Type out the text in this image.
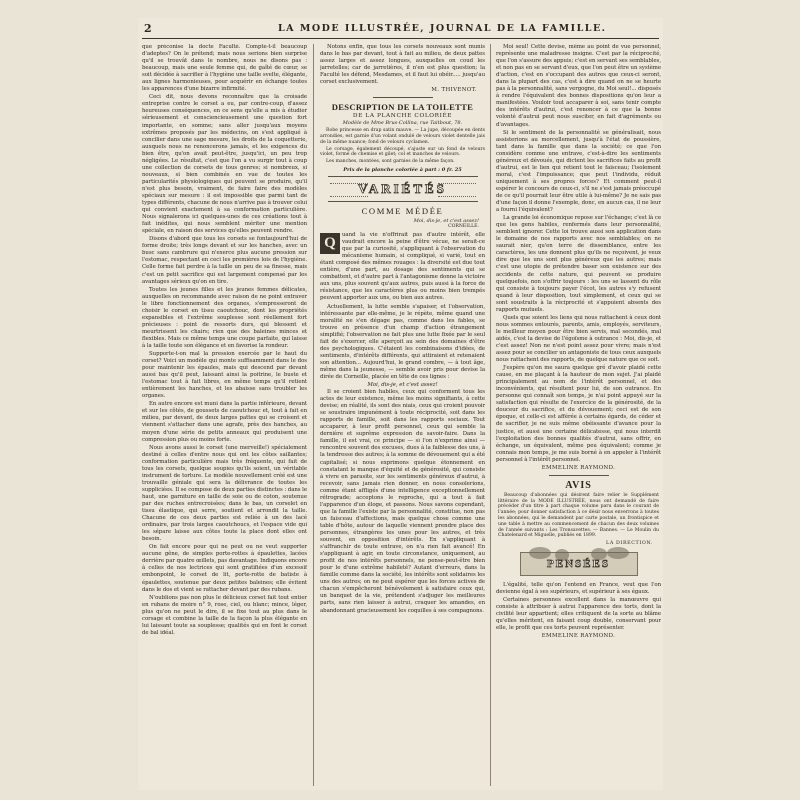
2	LA MODE ILLUSTRÉE, JOURNAL DE LA FAMILLE.

que préconise la docte Faculté. Compte-t-il beaucoup d'adeptes? On le prétend; mais nous serions bien surprise qu'il se trouvât dans le nombre, nous ne disons pas : beaucoup, mais une seule femme qui, de gaîté de cœur, se soit décidée à sacrifier à l'hygiène une taille svelte, élégante, aux lignes harmonieuses, pour acquérir en échange toutes les apparences d'une bizarre infirmité.

Ceci dit, nous devons reconnaître que la croisade entreprise contre le corset a eu, par contre-coup, d'assez heureuses conséquences, en ce sens qu'elle a mis à étudier sérieusement et consciencieusement une question fort importante, en somme; sans aller jusqu'aux moyens extrêmes proposés par les médecins, on s'est appliqué à concilier dans une sage mesure, les droits de la coquetterie, auxquels nous ne renoncerons jamais, et les exigences du bien être, qu'on avait peut-être, jusqu'ici, un peu trop négligées. Le résultat, c'est que l'on a vu surgir tout à coup une collection de corsets de tous genres; si nombreux, si nouveaux, si bien combinés en vue de toutes les particularités physiologiques qui peuvent se produire, qu'il n'est plus besoin, vraiment, de faire faire des modèles spéciaux sur mesure : il est impossible que parmi tant de types différents, chacune de nous n'arrive pas à trouver celui qui convient exactement à sa conformation particulière. Nous signalerons ici quelques-unes de ces créations tout à fait inédites, qui nous semblent mériter une mention spéciale, en raison des services qu'elles peuvent rendre.

Disons d'abord que tous les corsets se fontaujourd'hui de forme droite; très longs devant et sur les hanches, avec un busc sans cambrure qui n'exerce plus aucune pression sur l'estomac, respectant en ceci les premières lois de l'hygiène. Celle forme fait perdre à la taille un peu de sa finesse, mais c'est un petit sacrifice qui est largement compensé par les avantages sérieux qu'on en tire.

Toutes les jeunes filles et les jeunes femmes délicates, auxquelles on recommande avec raison de ne point entraver le libre fonctionnement des organes, s'empresseront de choisir le corset en tissu caoutchouc, dont les propriétés expansibles et l'extrême souplesse sont réellement fort précieuses : point de ressorts durs, qui blessent et meurtrissent les chairs; rien que des baleines minces et flexibles. Mais ce même temps une coupe parfaite, qui laisse à la taille toute son élégance et en favorise la rondeur.

Supporte-t-on mal la pression exercée par le haut du corset? Voici un modèle qui monte suffisamment dans le dos pour maintenir les épaules, mais qui descend par devant aussi bas qu'il peut, laissant ainsi la poitrine, le buste et l'estomac tout à fait libres, en même temps qu'il retient entièrement les hanches, et les abaisse sans troubler les organes.

En autre encore est muni dans la partie inférieure, devant et sur les côtés, de goussets de caoutchouc et, tout à fait en milieu, par devant, de deux larges pattes qui se croisent et viennent s'attacher dans une agrafe, près des hanches, au moyen d'une série de petits anneaux qui produisent une compression plus ou moins forte.

Nous avons aussi le corset (une merveille!) spécialement destiné à celles d'entre nous qui ont les côtes saillantes; conformation particulière mais très fréquente, qui fait de tous les corsets, quelque soupies qu'ils soient, un véritable instrument de torture. Le modèle nouvellement créé est une trouvaille géniale qui sera la délivrance de toutes les suppliciées. Il se compose de deux parties distinctes : dans le haut, une garniture en taille de soie ou de coton, soutenue par des ruches entrecroisées; dans le bas, un corselet en tissu élastique, qui serre, soutient et arrondit la taille. Chacune de ces deux parties est reliée à un des lacé ordinaire, par trois larges caoutchoucs, et l'espace vide qui les sépare laisse aux côtes toute la place dont elles ont besoin.

On fait encore pour qui ne peut ou ne veut supporter aucune gêne, de simples porte-rottes à épaulettes, lacées derrière par quatre œillets, pas davantage. Indiquons encore à celles de nos lectrices qui sont gratifiées d'un excessif embonpoint, le corset de lit, porte-rotte de batiste à épaulettes, soutenue par deux petites baleines; elle évitent dans le dos et vient se rattacher devant par des rubans.

N'oublions pas non plus le délicieux corset fait tout entier en rubans de moire n° 9, rose, ciel, ou blanc; mince, léger, plus qu'on ne peut le dire, il se fixe tout au plus dans le corsage et combine la taille de la façon la plus élégante en lui laissant toute sa souplesse; qualités qui en font le corset de bal idéal.

Notons enfin, que tous les corsets nouveaux sont munis dans le bas par devant, tout à fait au milieu, de deux pattes assez larges et assez longues, auxquelles on coud les jarretelles; car de jarretières, il n'en est plus question; la Faculté les défend, Mesdames, et il faut lui obéir..... jusqu'au corset exclusivement.

M. THIVENOT.
DESCRIPTION DE LA TOILETTE
DE LA PLANCHE COLORIÉE
Modèle de Mme Brus-Collina, rue Taitbout, 78.

Robe princesse en drap satin mauve. — La jupe, découpée en dents arrondies, est garnie d'un volant ondulé de velours violet dentelle jais de la même nuance; fond de velours cyclamen.

Le corsage, également découpé, s'ajuste sur un fond de velours violet, formé de chemise et gilet; col et manches de velours.

Les manches, montées, sont garnies de la même façon.

Prix de la planche coloriée à part : 0 fr. 25
VARIÉTÉS
COMME MÉDÉE
Moi, dis-je, et c'est assez!
CORNEILLE.
Q	uand la vie n'offrirait pas d'autre intérêt, elle vaudrait encore la peine d'être vécue, ne serait-ce que par la curiosité, s'appliquant à l'observation du mécanisme humain, si compliqué, si varié, tout en étant composé des mêmes rouages : la diversité est due tout entière, d'une part, au dosage des sentiments qui se combattent, et d'autre part à l'antagonisme donne la victoire aux uns, plus souvent qu'aux autres, puis aussi à la force de résistance, que les caractères plus ou moins bien trempés peuvent apporter aux uns, ou bien aux autres.

Actuellement, la lutte semble s'apaiser, et l'observation, intéressante par elle-même, je le répète, même quand une moralité ne s'en dégage pas, comme dans les fables, se trouve en présence d'un champ d'action étrangement simplifié; l'observation ne fait plus une lutte fixée par le seul fait de s'exercer, elle aperçoit au sein des domaines d'être des psychologiques. C'étaient les combinaisons d'idées, de sentiments, d'intérêts différents, qui attiraient et retenaient son attention... Aujourd'hui, le grand combre, — à tout âge, même dans la jeunesse, — semble avoir pris pour devise la dirée de Corneille, placée en tête de ces lignes :

Moi, dis-je, et c'est assez!

Il se croient bien habiles, ceux qui conforment tous les actes de leur existence, même les moins signifiants, à cette devise; en réalité, ils sont des niais, ceux qui croient pouvoir se soustraire impunément à toute réciprocité, soit dans les rapports de famille, soit dans les rapports sociaux. Tout accaparer, à leur profit personnel, ceux qui semble la dernière et suprême expression du savoir-faire. Dans la famille, il est vrai, ce principe — si l'on n'exprime ainsi — rencontre souvent des excuses, dues à la faiblesse des uns, à la tendresse des autres; à la somme de dévouement qui a été capitalisé; si nous exprimons quelque étonnement en constatant le manque d'équité et de générosité, qui consiste à vivre en parasite, sur les sentiments généreux d'autrui, à recevoir, sans jamais rien donner, en nous consolerions, comme étant affligés d'une intelligence exceptionnellement rétrograde; acceptons le reproche, qui a tout à fait l'apparence d'un éloge, et passons. Nous savons cependant, que la famille l'existe par la personnalité, constitue, non pas un faisceau d'affections, mais quelque chose comme une table d'hôte, autour de laquelle viennent prendre place des personnes, étrangères les unes pour les autres, et très souvent, en opposition d'intérêts. En s'appliquant à s'affranchir de toute entrave, on n'a rien fait avancé! En s'appliquant à agir, en toute circonstance, uniquement, au profit de nos intérêts personnels, ne pense-peut-être bien pour le d'une extrême habileté? Autant d'erreurs, dans la famille comme dans la société, les intérêts sont solidaires les uns des autres; on ne peut espérer que les forces actives de chacun s'empêcheront bénévolement à satisfaire ceux qui, un banquet de la vie, prétendent s'adjuger les meilleures parts, sans rien laisser à autrui, craquer les amandes, en abandonnant gracieusement les coquilles à ses compagnons.

Moi seul! Cette devise, même au point de vue personnel, représente une maladresse insigne. C'est par la réciprocité, que l'on s'assure des appuis; c'est en servant ses semblables, et non pas en se servant d'eux, que l'on peut être un système d'action, c'est en s'occupant des autres que ceux-ci seront, dans la plupart des cas, c'est à dire quand on ne se heurte pas à la personnalité, sans vergogne, du Moi seul!... disposés à rendre l'équivalent des bonnes dispositions qu'on leur a manifestées. Vouloir tout accaparer à soi, sans tenir compte des intérêts d'autrui, c'est renoncer à ce que la bonne volonté d'autrui peut nous susciter, en fait d'agréments ou d'avantages.

Si le sentiment de la personnalité se généralisait, nous assisterions au morcellement, jusqu'à l'état de poussière, tant dans la famille que dans la société; ce que l'on considère comme une entrave, c'est-à-dire les sentiments généreux et dévoués, qui dictent les sacrifices faits au profit d'autrui, est le lien qui retient tout le faisceau; l'isolement moral, c'est l'impuissance; que peut l'individu, réduit uniquement à ses propres forces? Et comment peut-il espérer le concours de ceux-ci, s'il ne s'est jamais préoccupé de ce qu'il pourrait leur être utile à lui-même? Je ne sais pas d'une façon il donne l'exemple, donc, en aucun cas, il ne leur a fourni l'équivalent?

La grande loi économique repose sur l'échange; c'est là ce que les gens habiles, renfermés dans leur personnalité, semblent ignorer. Cette loi trouve aussi son application dans le domaine de nos rapports avec nos semblables; on ne saurait nier, qu'en terre de dissemblance, entre les caractères, les uns donnent plus qu'ils ne reçoivent, je veux dire que les uns sont plus généreux que les autres; mais c'est une utopie de prétendre baser son existence sur des accidents de cette nature, qui peuvent se produire quelquefois, non s'offrir toujours : les uns se lassent du rôle qui consiste à toujours payer l'écot, les autres s'y refusent quand à leur disposition, tout simplement, et ceux qui se sont soustraits à la réciprocité et s'appuient absents des rapports mutuels.

Quels que soient les liens qui nous rattachent à ceux dont nous sommes entourés, parents, amis, employés, serviteurs, le meilleur moyen pour être bien servis, mal secondés, mal aidés, c'est la devise de l'égoïsme à outrance : Moi, dis-je, et c'est assez! Non ne n'est point assez pour vivre; mais n'est assez pour se concilier un antagoniste de tous ceux auxquels nous rattachent des rapports, de quelque nature que ce soit.

J'espère qu'on me saura quelque gré d'avoir plaidé cette cause, en me plaçant à la hauteur de mon sujet. J'ai plaidé principalement au nom de l'intérêt personnel, et des inconvénients, qui résultent pour lui, de son outrance. En personne qui connaît son temps, je n'ai point appuyé sur la satisfaction qui résulte de l'exercice de la générosité, de la douceur du sacrifice, et du dévouement; ceci est de son époque, et celle-ci est afférée à certains égards, de céder et de sacrifier, je ne suis même obéissante d'avance pour la justice, et aussi une certaine délicatesse, qui nous interdit l'exploitation des bonnes qualités d'autrui, sans offrir, en échange, un équivalent, même peu équivalent; comme je connais mon temps, je me suis borné à en appeler à l'intérêt personnel à l'intérêt personnel.

EMMELINE RAYMOND.
AVIS

Beaucoup d'abonnées qui désirent faire relier le Supplément littéraire de la MODE ILLUSTRÉE, nous ont demandé de faire précéder d'un titre à part chaque volume paru dans le courant de l'année; pour donner satisfaction à ce désir nous enverrons à toutes les abonnées, qui le demandent par carte postale, un frontispice et une table à mettre au commencement de chacun des deux volumes de l'année suivants : Les Tronsavettes. — Bannes. — Le Moulin du Chatelenard et Miguelle, publiés en 1899.

LA DIRECTION.
PENSÉES

L'égalité, telle qu'on l'entend en France, veut que l'on devienne égal à ses supérieurs, et supérieur à ses égaux.

Certaines personnes excellent dans la manœuvre qui consiste à attribuer à autrui l'apparence des torts, dont la civilité leur appartient; elles critiquent de la sorte au blâme qu'elles méritent, en faisant coup double, conservant pour elle, le profit que ces torts peuvent représenter.

EMMELINE RAYMOND.
